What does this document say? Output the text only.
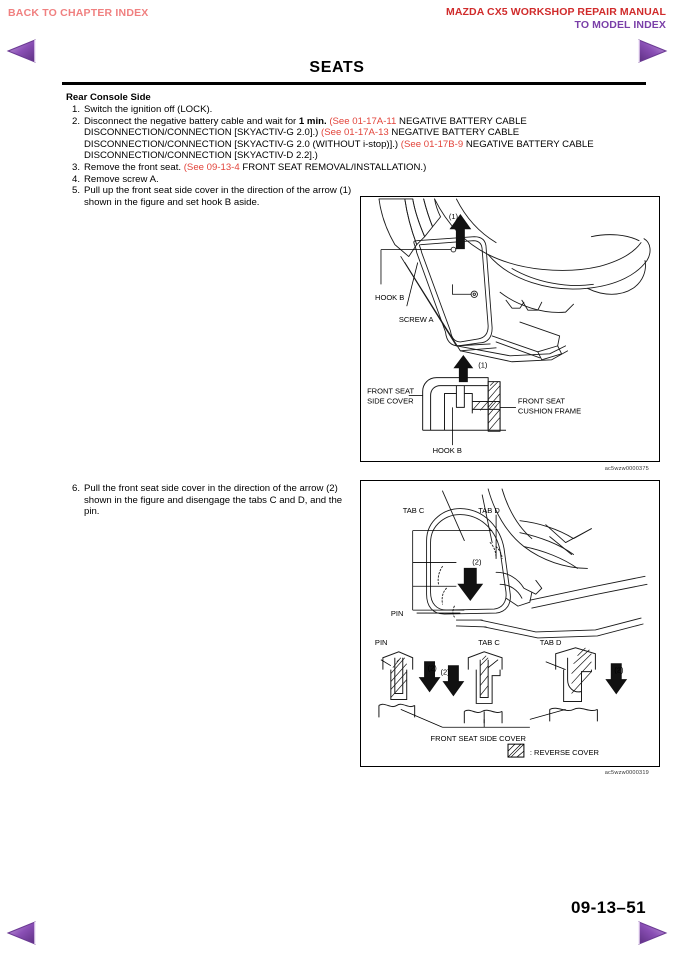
BACK TO CHAPTER INDEX	MAZDA CX5 WORKSHOP REPAIR MANUAL
TO MODEL INDEX
SEATS
Rear Console Side
1. Switch the ignition off (LOCK).
2. Disconnect the negative battery cable and wait for 1 min. (See 01-17A-11 NEGATIVE BATTERY CABLE DISCONNECTION/CONNECTION [SKYACTIV-G 2.0].) (See 01-17A-13 NEGATIVE BATTERY CABLE DISCONNECTION/CONNECTION [SKYACTIV-G 2.0 (WITHOUT i-stop)].) (See 01-17B-9 NEGATIVE BATTERY CABLE DISCONNECTION/CONNECTION [SKYACTIV-D 2.2].)
3. Remove the front seat. (See 09-13-4 FRONT SEAT REMOVAL/INSTALLATION.)
4. Remove screw A.
5. Pull up the front seat side cover in the direction of the arrow (1) shown in the figure and set hook B aside.
6. Pull the front seat side cover in the direction of the arrow (2) shown in the figure and disengage the tabs C and D, and the pin.
(1)
HOOK B
SCREW A
(1)
FRONT SEAT
SIDE COVER	FRONT SEAT
CUSHION FRAME
HOOK B
ac5wzw0000375
TAB C	TAB D
(2)
PIN
PIN	TAB C	TAB D
(2) (2)	(2)
FRONT SEAT SIDE COVER
: REVERSE COVER
ac5wzw0000319
09-13–51
